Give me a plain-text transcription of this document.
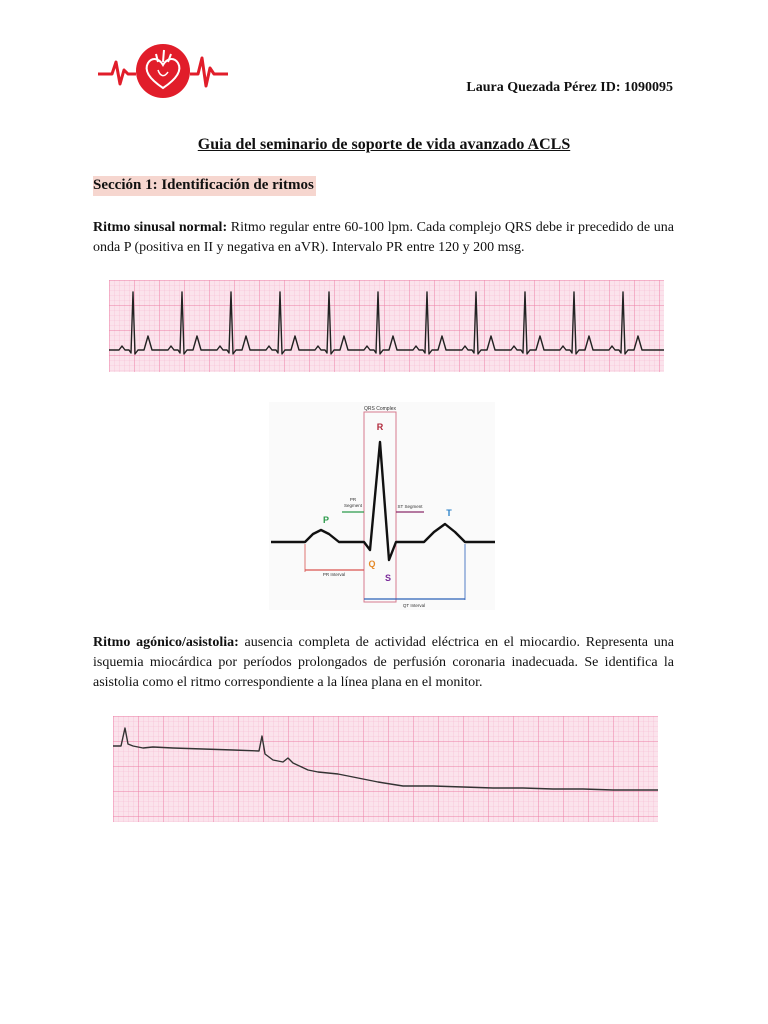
Laura Quezada Pérez ID: 1090095
Guia del seminario de soporte de vida avanzado ACLS
Sección 1: Identificación de ritmos
Ritmo sinusal normal: Ritmo regular entre 60-100 lpm. Cada complejo QRS debe ir precedido de una onda P (positiva en II y negativa en aVR). Intervalo PR entre 120 y 200 msg.
QRS Complex
PR
Segment	ST Segment
PR Interval
QT Interval
R
P
Q
S
T
Ritmo agónico/asistolia: ausencia completa de actividad eléctrica en el miocardio. Representa una isquemia miocárdica por períodos prolongados de perfusión coronaria inadecuada. Se identifica la asistolia como el ritmo correspondiente a la línea plana en el monitor.
